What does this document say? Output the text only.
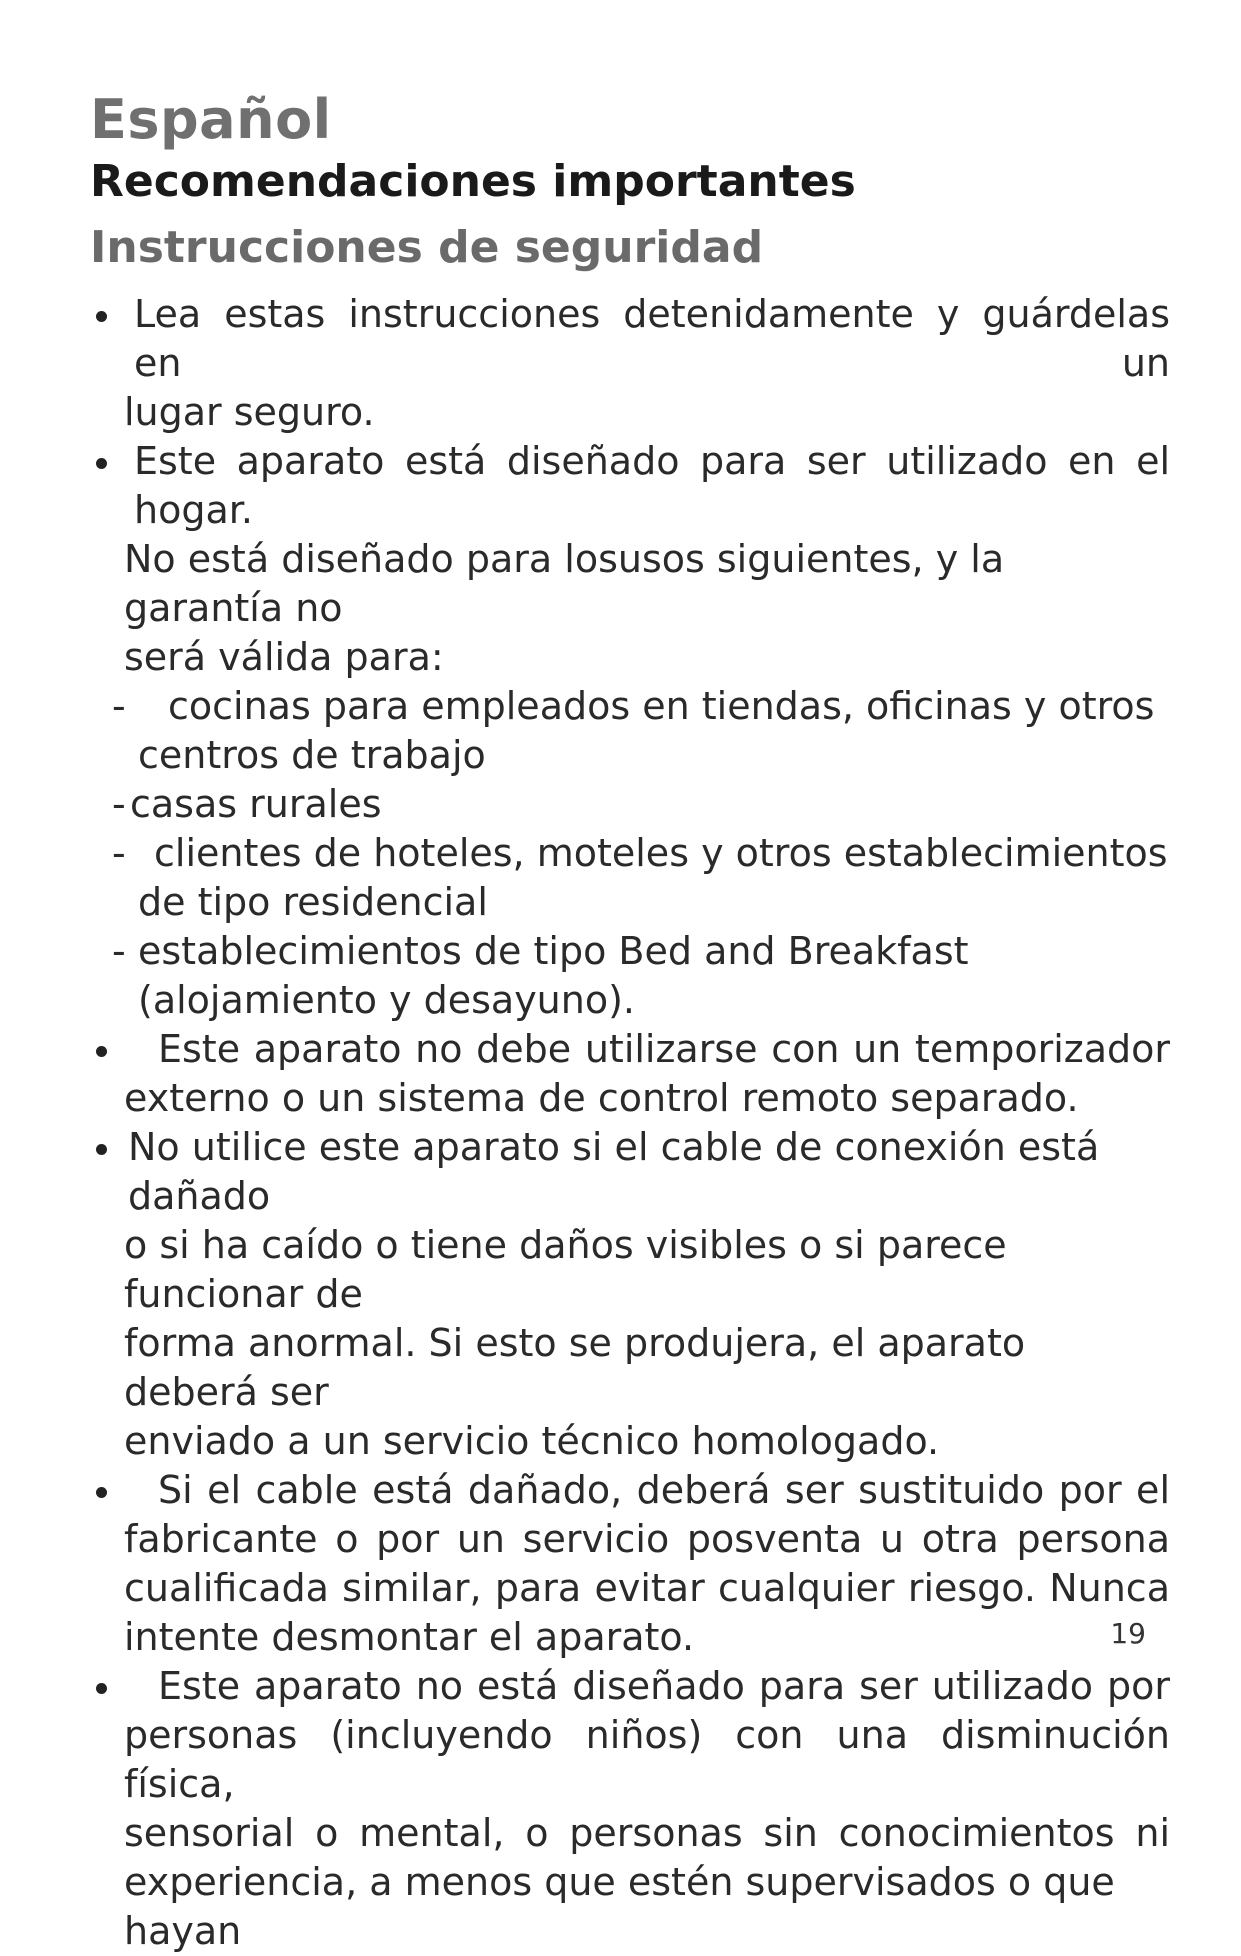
Español
Recomendaciones importantes
Instrucciones de seguridad
Lea estas instrucciones detenidamente y guárdelas en un
lugar seguro.
Este aparato está diseñado para ser utilizado en el hogar.
No está diseñado para losusos siguientes, y la garantía no
será válida para:
- cocinas para empleados en tiendas, oficinas y otros centros de trabajo
- casas rurales
- clientes de hoteles, moteles y otros establecimientos de tipo residencial
- establecimientos de tipo Bed and Breakfast (alojamiento y desayuno).
Este aparato no debe utilizarse con un temporizador
externo o un sistema de control remoto separado.
No utilice este aparato si el cable de conexión está dañado
o si ha caído o tiene daños visibles o si parece funcionar de
forma anormal. Si esto se produjera, el aparato deberá ser
enviado a un servicio técnico homologado.
Si el cable está dañado, deberá ser sustituido por el
fabricante o por un servicio posventa u otra persona
cualificada similar, para evitar cualquier riesgo. Nunca
intente desmontar el aparato.
Este aparato no está diseñado para ser utilizado por
personas (incluyendo niños) con una disminución física,
sensorial o mental, o personas sin conocimientos ni
experiencia, a menos que estén supervisados o que hayan

19
